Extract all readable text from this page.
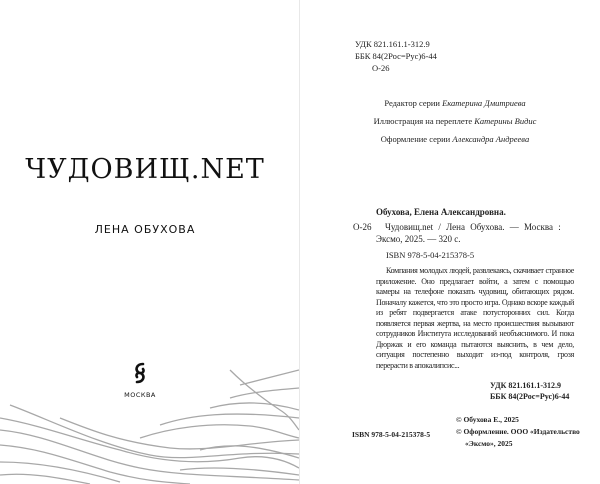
ЧУДОВИЩ.NET
ЛЕНА ОБУХОВА
МОСКВА
УДК 821.161.1-312.9
ББК 84(2Рос=Рус)6-44
О-26
Редактор серии Екатерина Дмитриева
Иллюстрация на переплете Катерины Видис
Оформление серии Александра Андреева
Обухова, Елена Александровна.
О-26 Чудовищ.net / Лена Обухова. — Москва :
Эксмо, 2025. — 320 с.
ISBN 978-5-04-215378-5
Компания молодых людей, развлекаясь, скачивает странное приложение. Оно предлагает войти, а затем с помощью камеры на телефоне показать чудовищ, обитающих рядом. Поначалу кажется, что это просто игра. Однако вскоре каждый из ребят подвергается атаке потусторонних сил. Когда появляется первая жертва, на место происшествия вызывают сотрудников Института исследований необъяснимого. И пока Дюржак и его команда пытаются выяснить, в чем дело, ситуация постепенно выходит из-под контроля, грозя перерасти в апокалипсис...
УДК 821.161.1-312.9
ББК 84(2Рос=Рус)6-44
ISBN 978-5-04-215378-5
© Обухова Е., 2025
© Оформление. ООО «Издательство
«Эксмо», 2025
